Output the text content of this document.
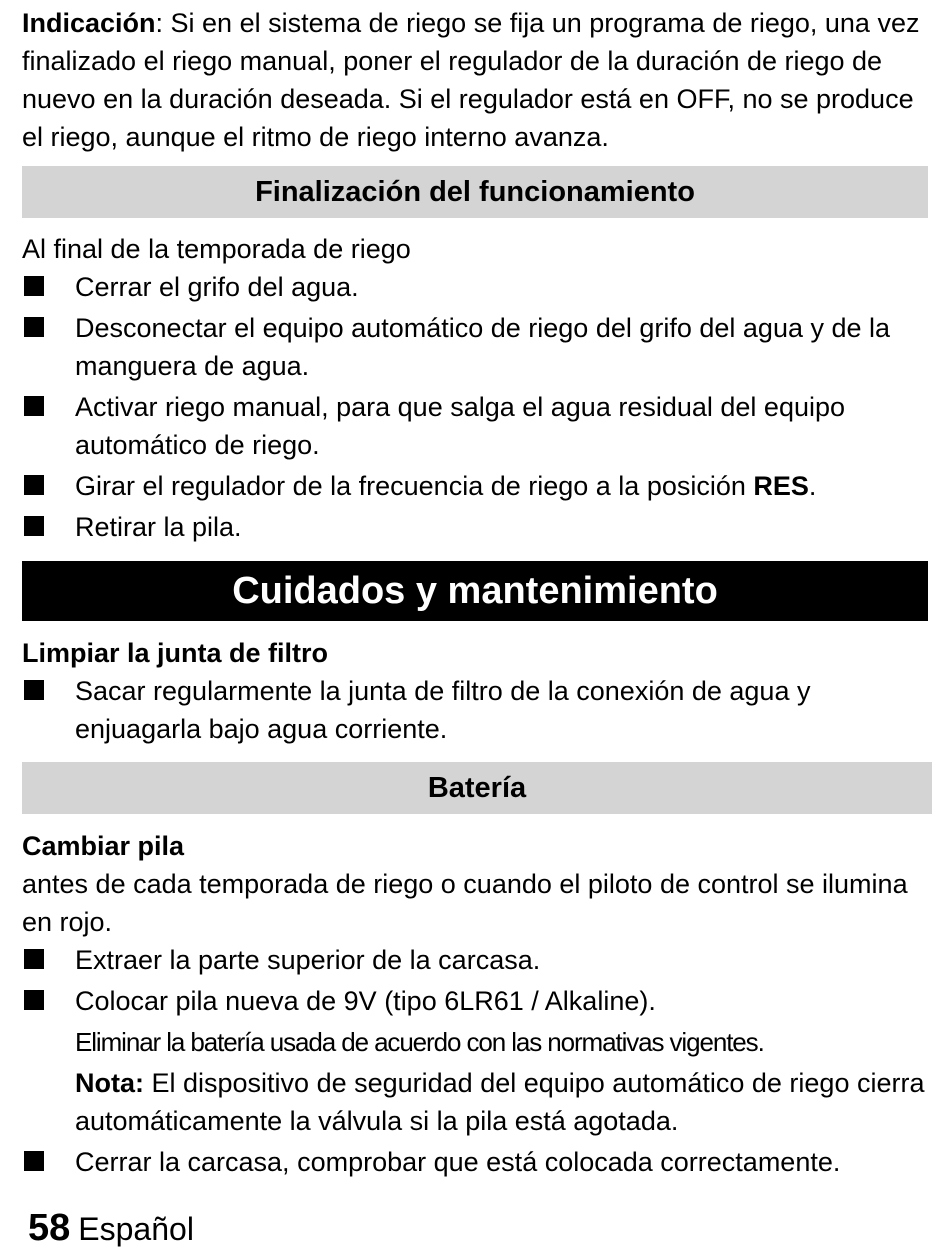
Indicación: Si en el sistema de riego se fija un programa de riego, una vez finalizado el riego manual, poner el regulador de la duración de riego de nuevo en la duración deseada. Si el regulador está en OFF, no se produce el riego, aunque el ritmo de riego interno avanza.

Finalización del funcionamiento

Al final de la temporada de riego

Cerrar el grifo del agua.
Desconectar el equipo automático de riego del grifo del agua y de la manguera de agua.
Activar riego manual, para que salga el agua residual del equipo automático de riego.
Girar el regulador de la frecuencia de riego a la posición RES.
Retirar la pila.
Cuidados y mantenimiento

Limpiar la junta de filtro

Sacar regularmente la junta de filtro de la conexión de agua y enjuagarla bajo agua corriente.
Batería

Cambiar pila

antes de cada temporada de riego o cuando el piloto de control se ilumina en rojo.

Extraer la parte superior de la carcasa.
Colocar pila nueva de 9V (tipo 6LR61 / Alkaline).

Eliminar la batería usada de acuerdo con las normativas vigentes.

Nota: El dispositivo de seguridad del equipo automático de riego cierra automáticamente la válvula si la pila está agotada.

Cerrar la carcasa, comprobar que está colocada correctamente.
58 Español
